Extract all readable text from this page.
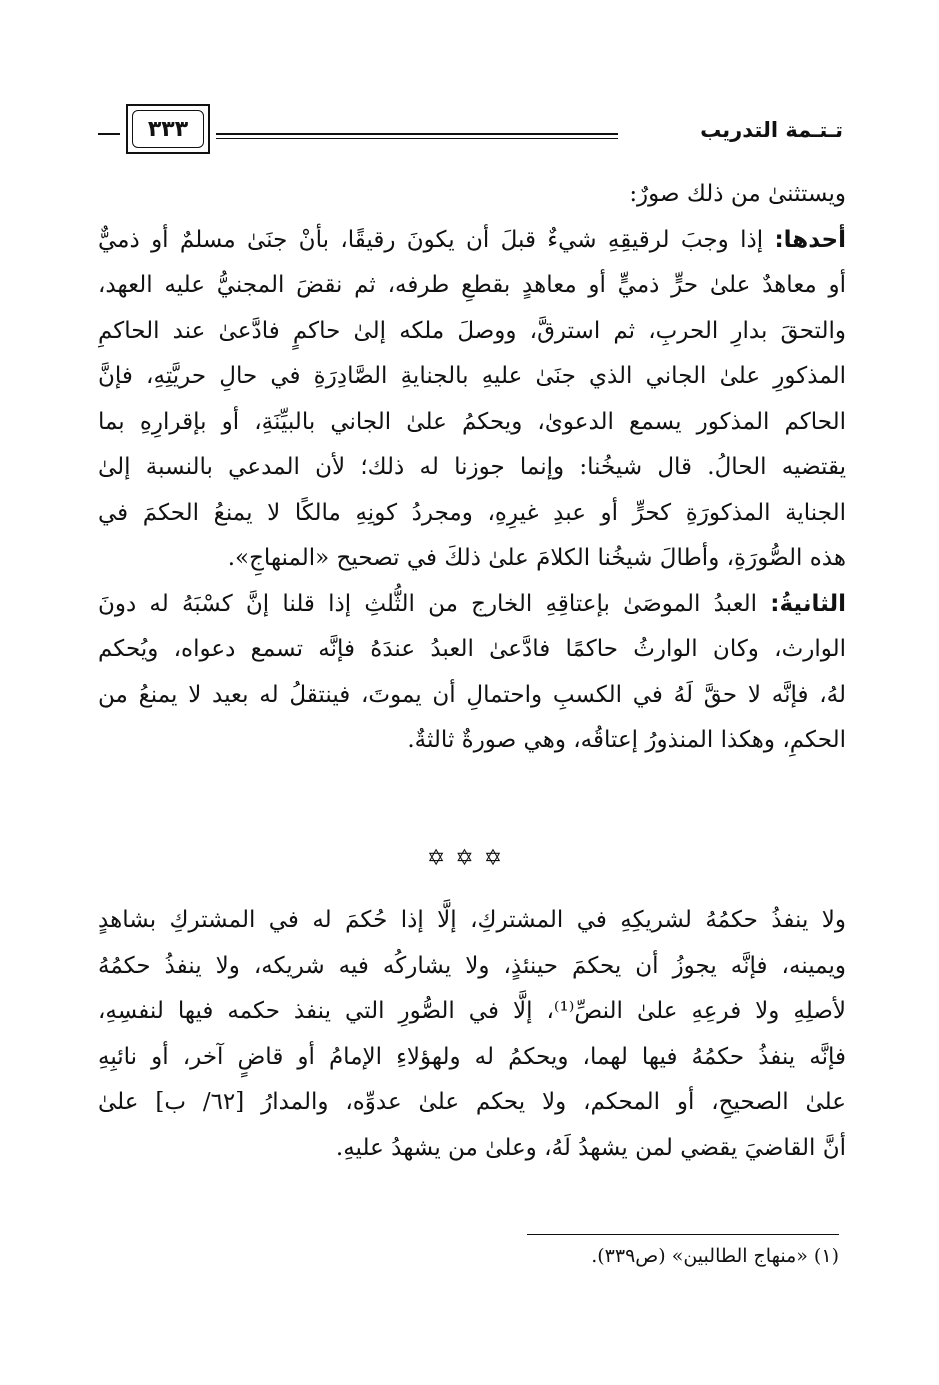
تـتـمة التدريب
٣٣٣
ويستثنىٰ من ذلك صورٌ:
أحدها: إذا وجبَ لرقيقِهِ شيءٌ قبلَ أن يكونَ رقيقًا، بأنْ جنَىٰ مسلمٌ أو ذميٌّ
أو معاهدٌ علىٰ حرٍّ ذميٍّ أو معاهدٍ بقطعِ طرفه، ثم نقضَ المجنيُّ عليه العهد،
والتحقَ بدارِ الحربِ، ثم استرقَّ، ووصلَ ملكه إلىٰ حاكمٍ فادَّعىٰ عند الحاكمِ
المذكورِ علىٰ الجاني الذي جنَىٰ عليهِ بالجنايةِ الصَّادِرَةِ في حالِ حريَّتِهِ، فإنَّ
الحاكم المذكور يسمع الدعوىٰ، ويحكمُ علىٰ الجاني بالبيِّنَةِ، أو بإقرارِهِ بما
يقتضيه الحالُ. قال شيخُنا: وإنما جوزنا له ذلك؛ لأن المدعي بالنسبة إلىٰ
الجناية المذكورَةِ كحرٍّ أو عبدِ غيرِهِ، ومجردُ كونِهِ مالكًا لا يمنعُ الحكمَ في
هذه الصُّورَةِ، وأطالَ شيخُنا الكلامَ علىٰ ذلكَ في تصحيح «المنهاجِ».
الثانيةُ: العبدُ الموصَىٰ بإعتاقِهِ الخارج من الثُّلثِ إذا قلنا إنَّ كسْبَهُ له دونَ
الوارث، وكان الوارثُ حاكمًا فادَّعىٰ العبدُ عندَهُ فإنَّه تسمع دعواه، ويُحكم
لهُ، فإنَّه لا حقَّ لَهُ في الكسبِ واحتمالِ أن يموتَ، فينتقلُ له بعيد لا يمنعُ من
الحكمِ، وهكذا المنذورُ إعتاقُه، وهي صورةٌ ثالثةٌ.
✡✡✡
ولا ينفذُ حكمُهُ لشريكِهِ في المشتركِ، إلَّا إذا حُكمَ له في المشتركِ بشاهدٍ
ويمينه، فإنَّه يجوزُ أن يحكمَ حينئذٍ، ولا يشاركُه فيه شريكه، ولا ينفذُ حكمُهُ
لأصلِهِ ولا فرعِهِ علىٰ النصِّ⁽¹⁾، إلَّا في الصُّورِ التي ينفذ حكمه فيها لنفسِهِ،
فإنَّه ينفذُ حكمُهُ فيها لهما، ويحكمُ له ولهؤلاءِ الإمامُ أو قاضٍ آخر، أو نائبِهِ
علىٰ الصحيحِ، أو المحكم، ولا يحكم علىٰ عدوِّه، والمدارُ [٦٢/ ب] علىٰ
أنَّ القاضيَ يقضي لمن يشهدُ لَهُ، وعلىٰ من يشهدُ عليهِ.
(١) «منهاج الطالبين» (ص٣٣٩).
